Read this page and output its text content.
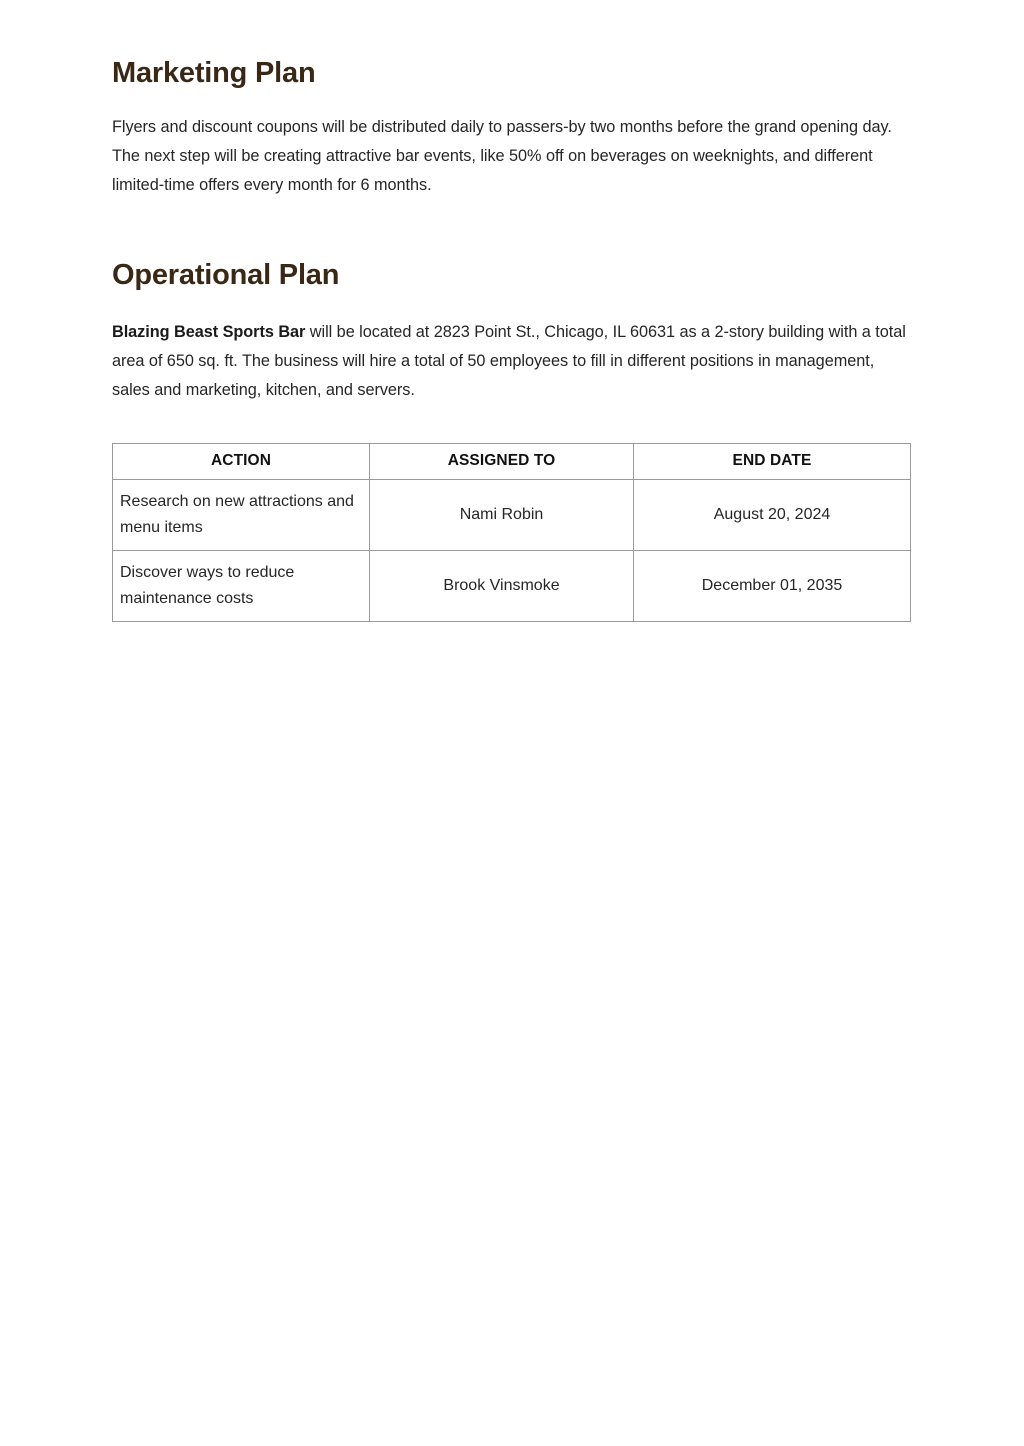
Marketing Plan

Flyers and discount coupons will be distributed daily to passers-by two months before the grand opening day. The next step will be creating attractive bar events, like 50% off on beverages on weeknights, and different limited-time offers every month for 6 months.

Operational Plan

Blazing Beast Sports Bar will be located at 2823 Point St., Chicago, IL 60631 as a 2-story building with a total area of 650 sq. ft. The business will hire a total of 50 employees to fill in different positions in management, sales and marketing, kitchen, and servers.

ACTION	ASSIGNED TO	END DATE
Research on new attractions and menu items	Nami Robin	August 20, 2024
Discover ways to reduce maintenance costs	Brook Vinsmoke	December 01, 2035
